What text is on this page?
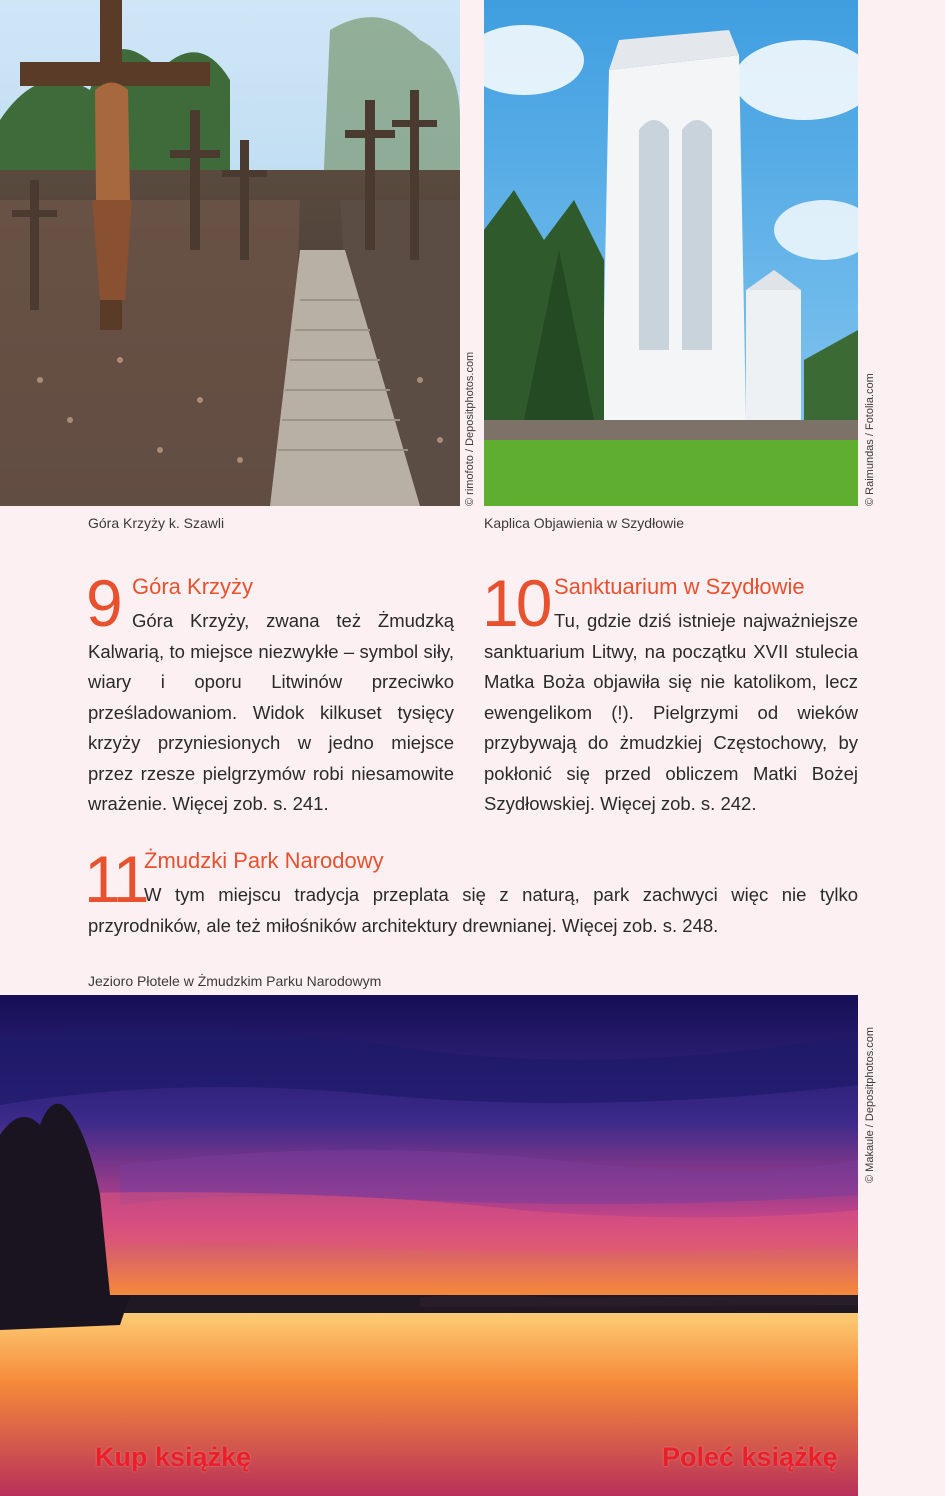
© rimofoto / Depositphotos.com
Góra Krzyży k. Szawli
© Raimundas / Fotolia.com
Kaplica Objawienia w Szydłowie
9 Góra Krzyży
Góra Krzyży, zwana też Żmudzką Kalwarią, to miejsce niezwykłe – symbol siły, wiary i oporu Litwinów przeciwko prześladowaniom. Widok kilkuset tysięcy krzyży przyniesionych w jedno miejsce przez rzesze pielgrzymów robi niesamowite wrażenie. Więcej zob. s. 241.
10 Sanktuarium w Szydłowie
Tu, gdzie dziś istnieje najważniejsze sanktuarium Litwy, na początku XVII stulecia Matka Boża objawiła się nie katolikom, lecz ewengelikom (!). Pielgrzymi od wieków przybywają do żmudzkiej Częstochowy, by pokłonić się przed obliczem Matki Bożej Szydłowskiej. Więcej zob. s. 242.
11
Żmudzki Park Narodowy
W tym miejscu tradycja przeplata się z naturą, park zachwyci więc nie tylko przyrodników, ale też miłośników architektury drewnianej. Więcej zob. s. 248.
Jezioro Płotele w Żmudzkim Parku Narodowym
© Makaule / Depositphotos.com
Kup książkę	Poleć książkę
